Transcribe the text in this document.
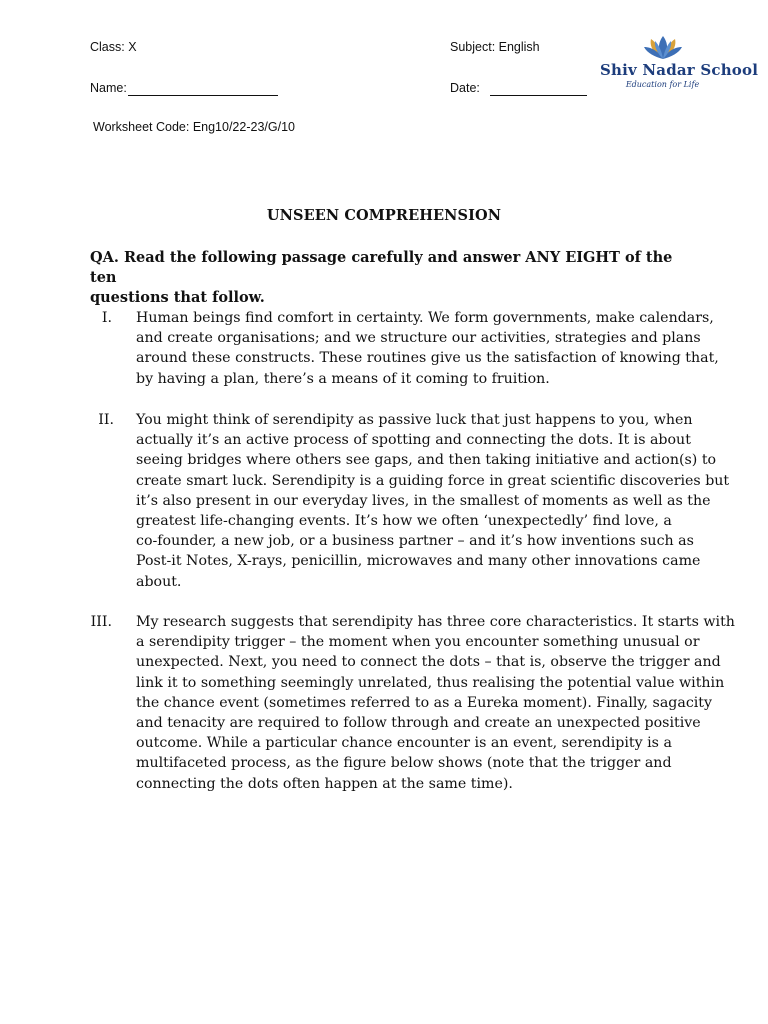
Class: X	Subject: English
Name:	Date:
Worksheet Code: Eng10/22-23/G/10
Shiv Nadar School
Education for Life
UNSEEN COMPREHENSION
QA. Read the following passage carefully and answer ANY EIGHT of the ten
questions that follow.
I. Human beings find comfort in certainty. We form governments, make calendars,
and create organisations; and we structure our activities, strategies and plans
around these constructs. These routines give us the satisfaction of knowing that,
by having a plan, there’s a means of it coming to fruition.
II. You might think of serendipity as passive luck that just happens to you, when
actually it’s an active process of spotting and connecting the dots. It is about
seeing bridges where others see gaps, and then taking initiative and action(s) to
create smart luck. Serendipity is a guiding force in great scientific discoveries but
it’s also present in our everyday lives, in the smallest of moments as well as the
greatest life-changing events. It’s how we often ‘unexpectedly’ find love, a
co-founder, a new job, or a business partner – and it’s how inventions such as
Post-it Notes, X-rays, penicillin, microwaves and many other innovations came
about.
III. My research suggests that serendipity has three core characteristics. It starts with
a serendipity trigger – the moment when you encounter something unusual or
unexpected. Next, you need to connect the dots – that is, observe the trigger and
link it to something seemingly unrelated, thus realising the potential value within
the chance event (sometimes referred to as a Eureka moment). Finally, sagacity
and tenacity are required to follow through and create an unexpected positive
outcome. While a particular chance encounter is an event, serendipity is a
multifaceted process, as the figure below shows (note that the trigger and
connecting the dots often happen at the same time).
